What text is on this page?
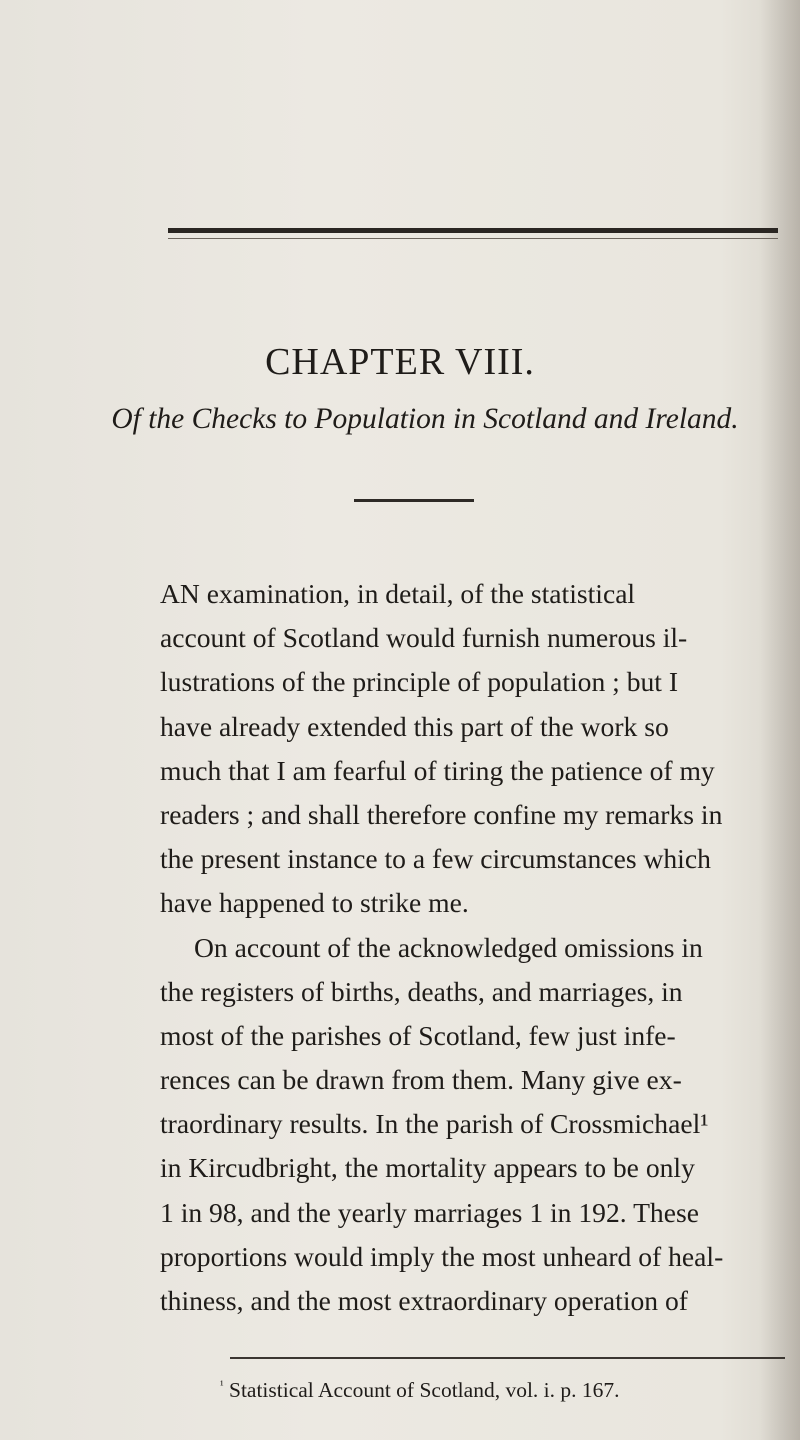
CHAPTER VIII.
Of the Checks to Population in Scotland and Ireland.
AN examination, in detail, of the statistical
account of Scotland would furnish numerous il-
lustrations of the principle of population ; but I
have already extended this part of the work so
much that I am fearful of tiring the patience of my
readers ; and shall therefore confine my remarks in
the present instance to a few circumstances which
have happened to strike me.
On account of the acknowledged omissions in
the registers of births, deaths, and marriages, in
most of the parishes of Scotland, few just infe-
rences can be drawn from them. Many give ex-
traordinary results. In the parish of Crossmichael¹
in Kircudbright, the mortality appears to be only
1 in 98, and the yearly marriages 1 in 192. These
proportions would imply the most unheard of heal-
thiness, and the most extraordinary operation of
$^{^1}$ Statistical Account of Scotland, vol. i. p. 167.
